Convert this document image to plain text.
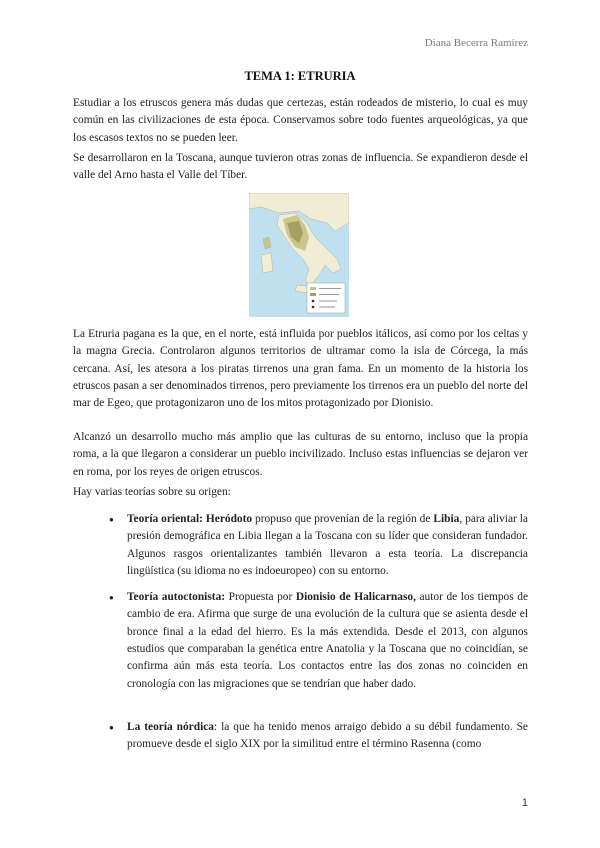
Diana Becerra Ramírez
TEMA 1: ETRURIA

Estudiar a los etruscos genera más dudas que certezas, están rodeados de misterio, lo cual es muy común en las civilizaciones de esta época. Conservamos sobre todo fuentes arqueológicas, ya que los escasos textos no se pueden leer.

Se desarrollaron en la Toscana, aunque tuvieron otras zonas de influencia. Se expandieron desde el valle del Arno hasta el Valle del Tíber.

La Etruria pagana es la que, en el norte, está influida por pueblos itálicos, así como por los celtas y la magna Grecia. Controlaron algunos territorios de ultramar como la isla de Córcega, la más cercana. Así, les atesora a los piratas tirrenos una gran fama. En un momento de la historia los etruscos pasan a ser denominados tirrenos, pero previamente los tirrenos era un pueblo del norte del mar de Egeo, que protagonizaron uno de los mitos protagonizado por Dionisio.

Alcanzó un desarrollo mucho más amplio que las culturas de su entorno, incluso que la propia roma, a la que llegaron a considerar un pueblo incivilizado. Incluso estas influencias se dejaron ver en roma, por los reyes de origen etruscos.

Hay varias teorías sobre su origen:

● Teoría oriental: Heródoto propuso que provenían de la región de Libia, para aliviar la presión demográfica en Libia llegan a la Toscana con su líder que consideran fundador. Algunos rasgos orientalizantes también llevaron a esta teoría. La discrepancia lingüística (su idioma no es indoeuropeo) con su entorno.

● Teoría autoctonista: Propuesta por Dionisio de Halicarnaso, autor de los tiempos de cambio de era. Afirma que surge de una evolución de la cultura que se asienta desde el bronce final a la edad del hierro. Es la más extendida. Desde el 2013, con algunos estudios que comparaban la genética entre Anatolia y la Toscana que no coincidían, se confirma aún más esta teoría. Los contactos entre las dos zonas no coinciden en cronología con las migraciones que se tendrían que haber dado.

● La teoría nórdica: la que ha tenido menos arraigo debido a su débil fundamento. Se promueve desde el siglo XIX por la similitud entre el término Rasenna (como

1
